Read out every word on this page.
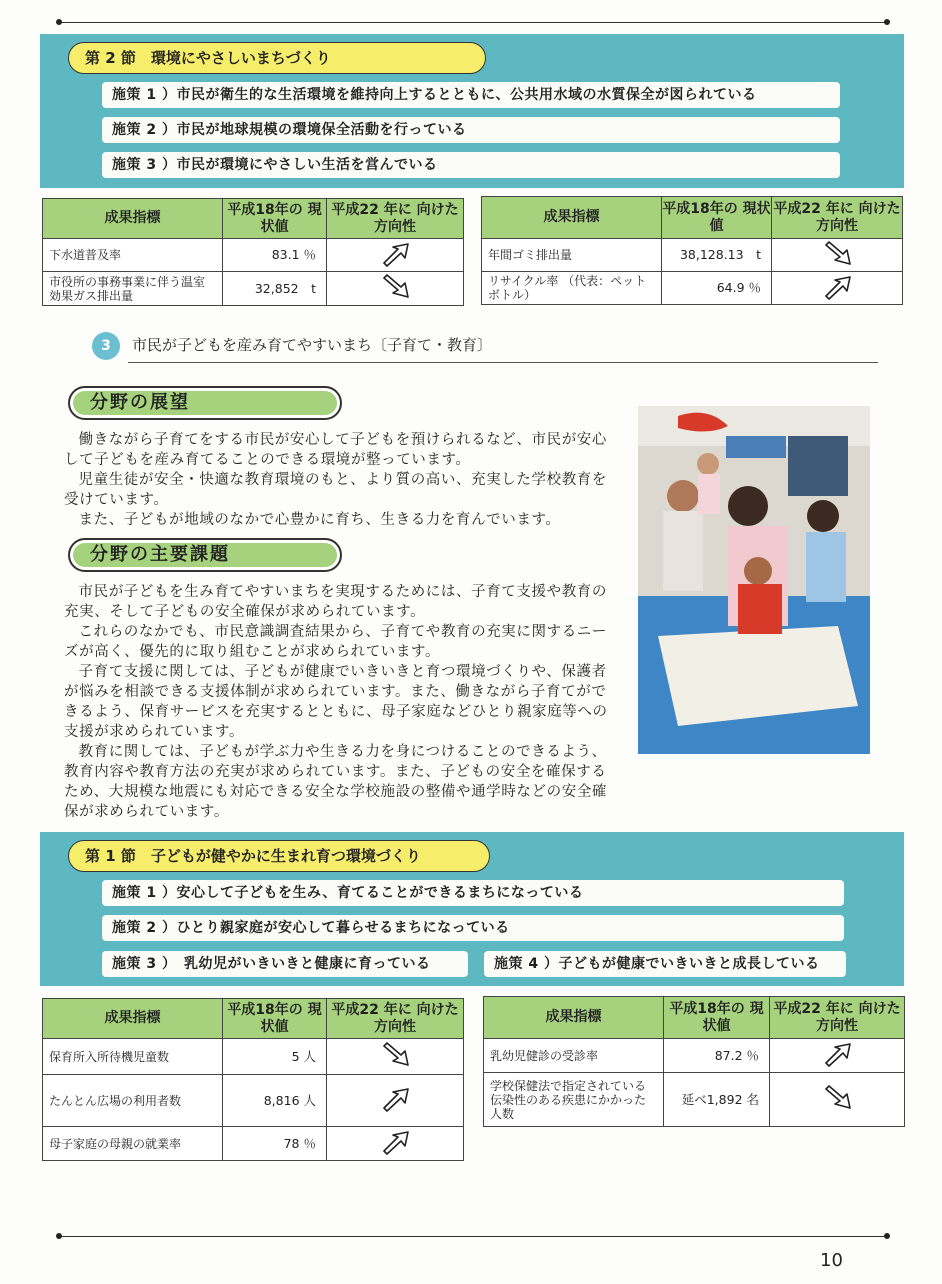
第 2 節　環境にやさしいまちづくり
施策 1 ）市民が衛生的な生活環境を維持向上するとともに、公共用水域の水質保全が図られている
施策 2 ）市民が地球規模の環境保全活動を行っている
施策 3 ）市民が環境にやさしい生活を営んでいる
成果指標	平成18年の 現状値	平成22 年に 向けた方向性
下水道普及率	83.1 ％	
市役所の事務事業に伴う温室効果ガス排出量	32,852　t	
成果指標	平成18年の 現状値	平成22 年に 向けた方向性
年間ゴミ排出量	38,128.13　t	
リサイクル率 （代表：ペットボトル）	64.9 ％	
3	市民が子どもを産み育てやすいまち〔子育て・教育〕
分野の展望

働きながら子育てをする市民が安心して子どもを預けられるなど、市民が安心して子どもを産み育てることのできる環境が整っています。

児童生徒が安全・快適な教育環境のもと、より質の高い、充実した学校教育を受けています。

また、子どもが地域のなかで心豊かに育ち、生きる力を育んでいます。

分野の主要課題

市民が子どもを生み育てやすいまちを実現するためには、子育て支援や教育の充実、そして子どもの安全確保が求められています。

これらのなかでも、市民意識調査結果から、子育てや教育の充実に関するニーズが高く、優先的に取り組むことが求められています。

子育て支援に関しては、子どもが健康でいきいきと育つ環境づくりや、保護者が悩みを相談できる支援体制が求められています。また、働きながら子育てができるよう、保育サービスを充実するとともに、母子家庭などひとり親家庭等への支援が求められています。

教育に関しては、子どもが学ぶ力や生きる力を身につけることのできるよう、教育内容や教育方法の充実が求められています。また、子どもの安全を確保するため、大規模な地震にも対応できる安全な学校施設の整備や通学時などの安全確保が求められています。

第 1 節　子どもが健やかに生まれ育つ環境づくり
施策 1 ）安心して子どもを生み、育てることができるまちになっている
施策 2 ）ひとり親家庭が安心して暮らせるまちになっている
施策 3 ）　乳幼児がいきいきと健康に育っている	施策 4 ）子どもが健康でいきいきと成長している
成果指標	平成18年の 現状値	平成22 年に 向けた方向性
保育所入所待機児童数	5 人	
たんとん広場の利用者数	8,816 人	
母子家庭の母親の就業率	78 ％	
成果指標	平成18年の 現状値	平成22 年に 向けた方向性
乳幼児健診の受診率	87.2 ％	
学校保健法で指定されている伝染性のある疾患にかかった人数	延べ1,892 名	
10
